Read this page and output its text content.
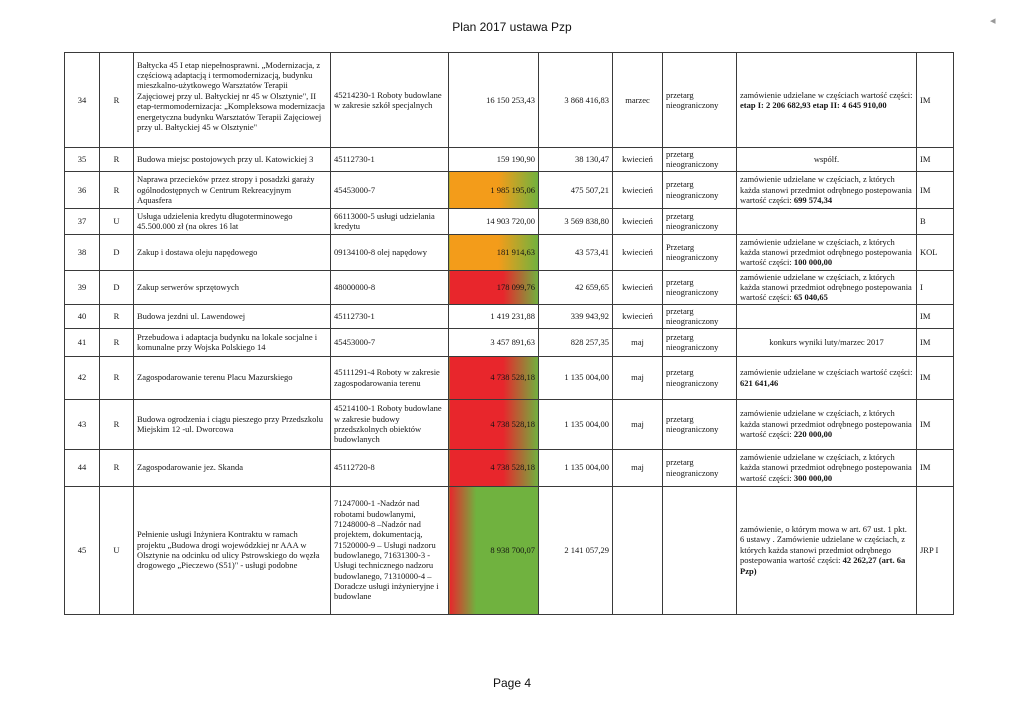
Plan 2017 ustawa Pzp	◂
34	R	Bałtycka 45 I etap niepełnosprawni. „Modernizacja, z częściową adaptacją i termomodernizacją, budynku mieszkalno-użytkowego Warsztatów Terapii Zajęciowej przy ul. Bałtyckiej nr 45 w Olsztynie", II etap-termomodernizacja: „Kompleksowa modernizacja energetyczna budynku Warsztatów Terapii Zajęciowej przy ul. Bałtyckiej 45 w Olsztynie"	45214230-1 Roboty budowlane w zakresie szkół specjalnych	16 150 253,43	3 868 416,83	marzec	przetarg nieograniczony	zamówienie udzielane w częściach wartość części: etap I: 2 206 682,93 etap II: 4 645 910,00	IM
35	R	Budowa miejsc postojowych przy ul. Katowickiej 3	45112730-1	159 190,90	38 130,47	kwiecień	przetarg nieograniczony	wspólf.	IM
36	R	Naprawa przecieków przez stropy i posadzki garaży ogólnodostępnych w Centrum Rekreacyjnym Aquasfera	45453000-7	1 985 195,06	475 507,21	kwiecień	przetarg nieograniczony	zamówienie udzielane w częściach, z których każda stanowi przedmiot odrębnego postepowania wartość części: 699 574,34	IM
37	U	Usługa udzielenia kredytu długoterminowego 45.500.000 zł (na okres 16 lat	66113000-5 usługi udzielania kredytu	14 903 720,00	3 569 838,80	kwiecień	przetarg nieograniczony		B
38	D	Zakup i dostawa oleju napędowego	09134100-8 olej napędowy	181 914,63	43 573,41	kwiecień	Przetarg nieograniczony	zamówienie udzielane w częściach, z których każda stanowi przedmiot odrębnego postepowania wartość części: 100 000,00	KOL
39	D	Zakup serwerów sprzętowych	48000000-8	178 099,76	42 659,65	kwiecień	przetarg nieograniczony	zamówienie udzielane w częściach, z których każda stanowi przedmiot odrębnego postepowania wartość części: 65 040,65	I
40	R	Budowa jezdni ul. Lawendowej	45112730-1	1 419 231,88	339 943,92	kwiecień	przetarg nieograniczony		IM
41	R	Przebudowa i adaptacja budynku na lokale socjalne i komunalne przy Wojska Polskiego 14	45453000-7	3 457 891,63	828 257,35	maj	przetarg nieograniczony	konkurs wyniki luty/marzec 2017	IM
42	R	Zagospodarowanie terenu Placu Mazurskiego	45111291-4 Roboty w zakresie zagospodarowania terenu	4 738 528,18	1 135 004,00	maj	przetarg nieograniczony	zamówienie udzielane w częściach wartość części: 621 641,46	IM
43	R	Budowa ogrodzenia i ciągu pieszego przy Przedszkolu Miejskim 12 -ul. Dworcowa	45214100-1 Roboty budowlane w zakresie budowy przedszkolnych obiektów budowlanych	4 738 528,18	1 135 004,00	maj	przetarg nieograniczony	zamówienie udzielane w częściach, z których każda stanowi przedmiot odrębnego postepowania wartość części: 220 000,00	IM
44	R	Zagospodarowanie jez. Skanda	45112720-8	4 738 528,18	1 135 004,00	maj	przetarg nieograniczony	zamówienie udzielane w częściach, z których każda stanowi przedmiot odrębnego postepowania wartość części: 300 000,00	IM
45	U	Pełnienie usługi Inżyniera Kontraktu w ramach projektu „Budowa drogi wojewódzkiej nr AAA w Olsztynie na odcinku od ulicy Pstrowskiego do węzła drogowego „Pieczewo (S51)" - usługi podobne	71247000-1 -Nadzór nad robotami budowlanymi, 71248000-8 –Nadzór nad projektem, dokumentacją, 71520000-9 – Usługi nadzoru budowlanego, 71631300-3 - Usługi technicznego nadzoru budowlanego, 71310000-4 – Doradcze usługi inżynieryjne i budowlane	8 938 700,07	2 141 057,29			zamówienie, o którym mowa w art. 67 ust. 1 pkt. 6 ustawy . Zamówienie udzielane w częściach, z których każda stanowi przedmiot odrębnego postepowania wartość części: 42 262,27 (art. 6a Pzp)	JRP I
Page 4
